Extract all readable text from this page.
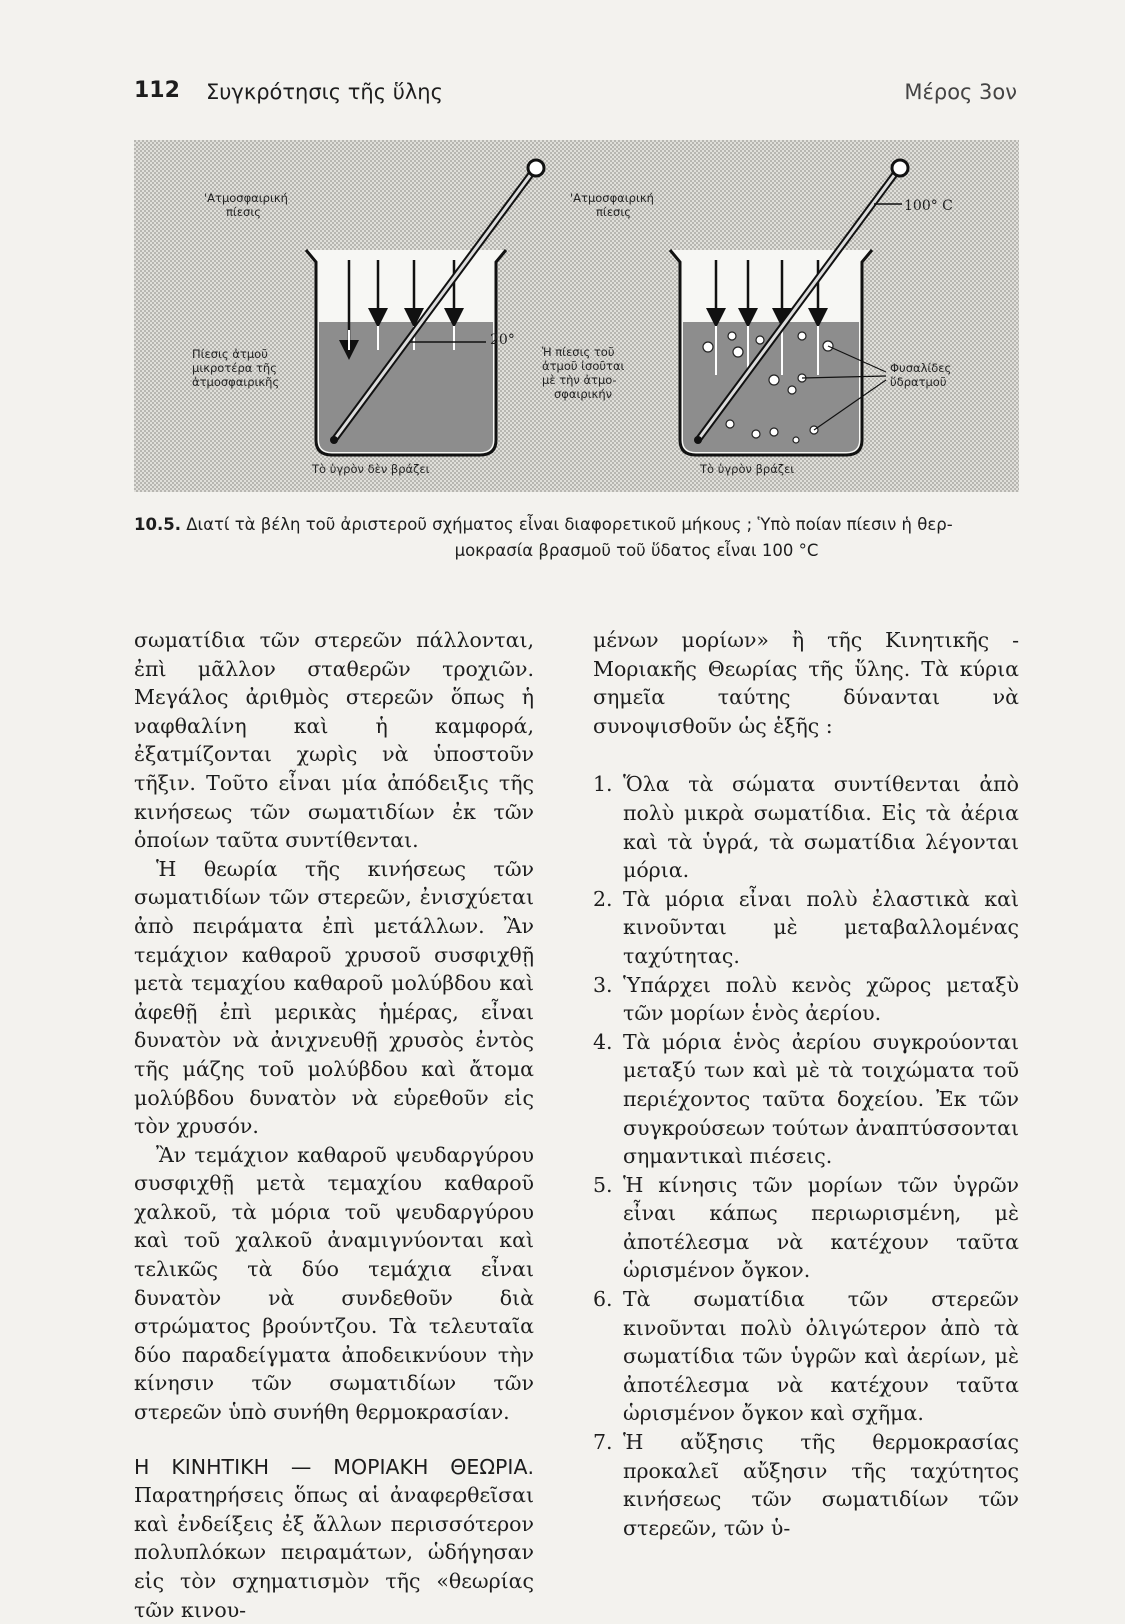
112 Συγκρότησις τῆς ὕλης	Μέρος 3ον
20°
'Ατμοσφαιρική
πίεσις
Πίεσις ἀτμοῦ
μικροτέρα τῆς
ἀτμοσφαιρικῆς
Τὸ ὑγρὸν δὲν βράζει
100° C
Φυσαλίδες
ὕδρατμοῦ
'Ατμοσφαιρική
πίεσις
Ἡ πίεσις τοῦ
ἀτμοῦ ἰσοῦται
μὲ τὴν ἀτμο-
σφαιρικήν
Τὸ ὑγρὸν βράζει
10.5. Διατί τὰ βέλη τοῦ ἀριστεροῦ σχήματος εἶναι διαφορετικοῦ μήκους ; Ὑπὸ ποίαν πίεσιν ἡ θερ-
μοκρασία βρασμοῦ τοῦ ὕδατος εἶναι 100 °C

σωματίδια τῶν στερεῶν πάλλονται, ἐπὶ μᾶλλον σταθερῶν τροχιῶν. Μεγάλος ἀριθμὸς στερεῶν ὅπως ἡ ναφθαλίνη καὶ ἡ καμφορά, ἐξατμίζονται χωρὶς νὰ ὑποστοῦν τῆξιν. Τοῦτο εἶναι μία ἀπόδειξις τῆς κινήσεως τῶν σωματιδίων ἐκ τῶν ὁποίων ταῦτα συντίθενται.

Ἡ θεωρία τῆς κινήσεως τῶν σωματιδίων τῶν στερεῶν, ἐνισχύεται ἀπὸ πειράματα ἐπὶ μετάλλων. Ἂν τεμάχιον καθαροῦ χρυσοῦ συσφιχθῇ μετὰ τεμαχίου καθαροῦ μολύβδου καὶ ἀφεθῇ ἐπὶ μερικὰς ἡμέρας, εἶναι δυνατὸν νὰ ἀνιχνευθῇ χρυσὸς ἐντὸς τῆς μάζης τοῦ μολύβδου καὶ ἄτομα μολύβδου δυνατὸν νὰ εὑρεθοῦν εἰς τὸν χρυσόν.

Ἂν τεμάχιον καθαροῦ ψευδαργύρου συσφιχθῇ μετὰ τεμαχίου καθαροῦ χαλκοῦ, τὰ μόρια τοῦ ψευδαργύρου καὶ τοῦ χαλκοῦ ἀναμιγνύονται καὶ τελικῶς τὰ δύο τεμάχια εἶναι δυνατὸν νὰ συνδεθοῦν διὰ στρώματος βρούντζου. Τὰ τελευταῖα δύο παραδείγματα ἀποδεικνύουν τὴν κίνησιν τῶν σωματιδίων τῶν στερεῶν ὑπὸ συνήθη θερμοκρασίαν.

Η ΚΙΝΗΤΙΚΗ — ΜΟΡΙΑΚΗ ΘΕΩΡΙΑ. Παρατηρήσεις ὅπως αἱ ἀναφερθεῖσαι καὶ ἐνδείξεις ἐξ ἄλλων περισσότερον πολυπλόκων πειραμάτων, ὡδήγησαν εἰς τὸν σχηματισμὸν τῆς «θεωρίας τῶν κινου-

μένων μορίων» ἢ τῆς Κινητικῆς - Μοριακῆς Θεωρίας τῆς ὕλης. Τὰ κύρια σημεῖα ταύτης δύνανται νὰ συνοψισθοῦν ὡς ἑξῆς :

1. Ὅλα τὰ σώματα συντίθενται ἀπὸ πολὺ μικρὰ σωματίδια. Εἰς τὰ ἀέρια καὶ τὰ ὑγρά, τὰ σωματίδια λέγονται μόρια.
2. Τὰ μόρια εἶναι πολὺ ἐλαστικὰ καὶ κινοῦνται μὲ μεταβαλλομένας ταχύτητας.
3. Ὑπάρχει πολὺ κενὸς χῶρος μεταξὺ τῶν μορίων ἑνὸς ἀερίου.
4. Τὰ μόρια ἑνὸς ἀερίου συγκρούονται μεταξύ των καὶ μὲ τὰ τοιχώματα τοῦ περιέχοντος ταῦτα δοχείου. Ἐκ τῶν συγκρούσεων τούτων ἀναπτύσσονται σημαντικαὶ πιέσεις.
5. Ἡ κίνησις τῶν μορίων τῶν ὑγρῶν εἶναι κάπως περιωρισμένη, μὲ ἀποτέλεσμα νὰ κατέχουν ταῦτα ὡρισμένον ὄγκον.
6. Τὰ σωματίδια τῶν στερεῶν κινοῦνται πολὺ ὀλιγώτερον ἀπὸ τὰ σωματίδια τῶν ὑγρῶν καὶ ἀερίων, μὲ ἀποτέλεσμα νὰ κατέχουν ταῦτα ὡρισμένον ὄγκον καὶ σχῆμα.
7. Ἡ αὔξησις τῆς θερμοκρασίας προκαλεῖ αὔξησιν τῆς ταχύτητος κινήσεως τῶν σωματιδίων τῶν στερεῶν, τῶν ὑ-
